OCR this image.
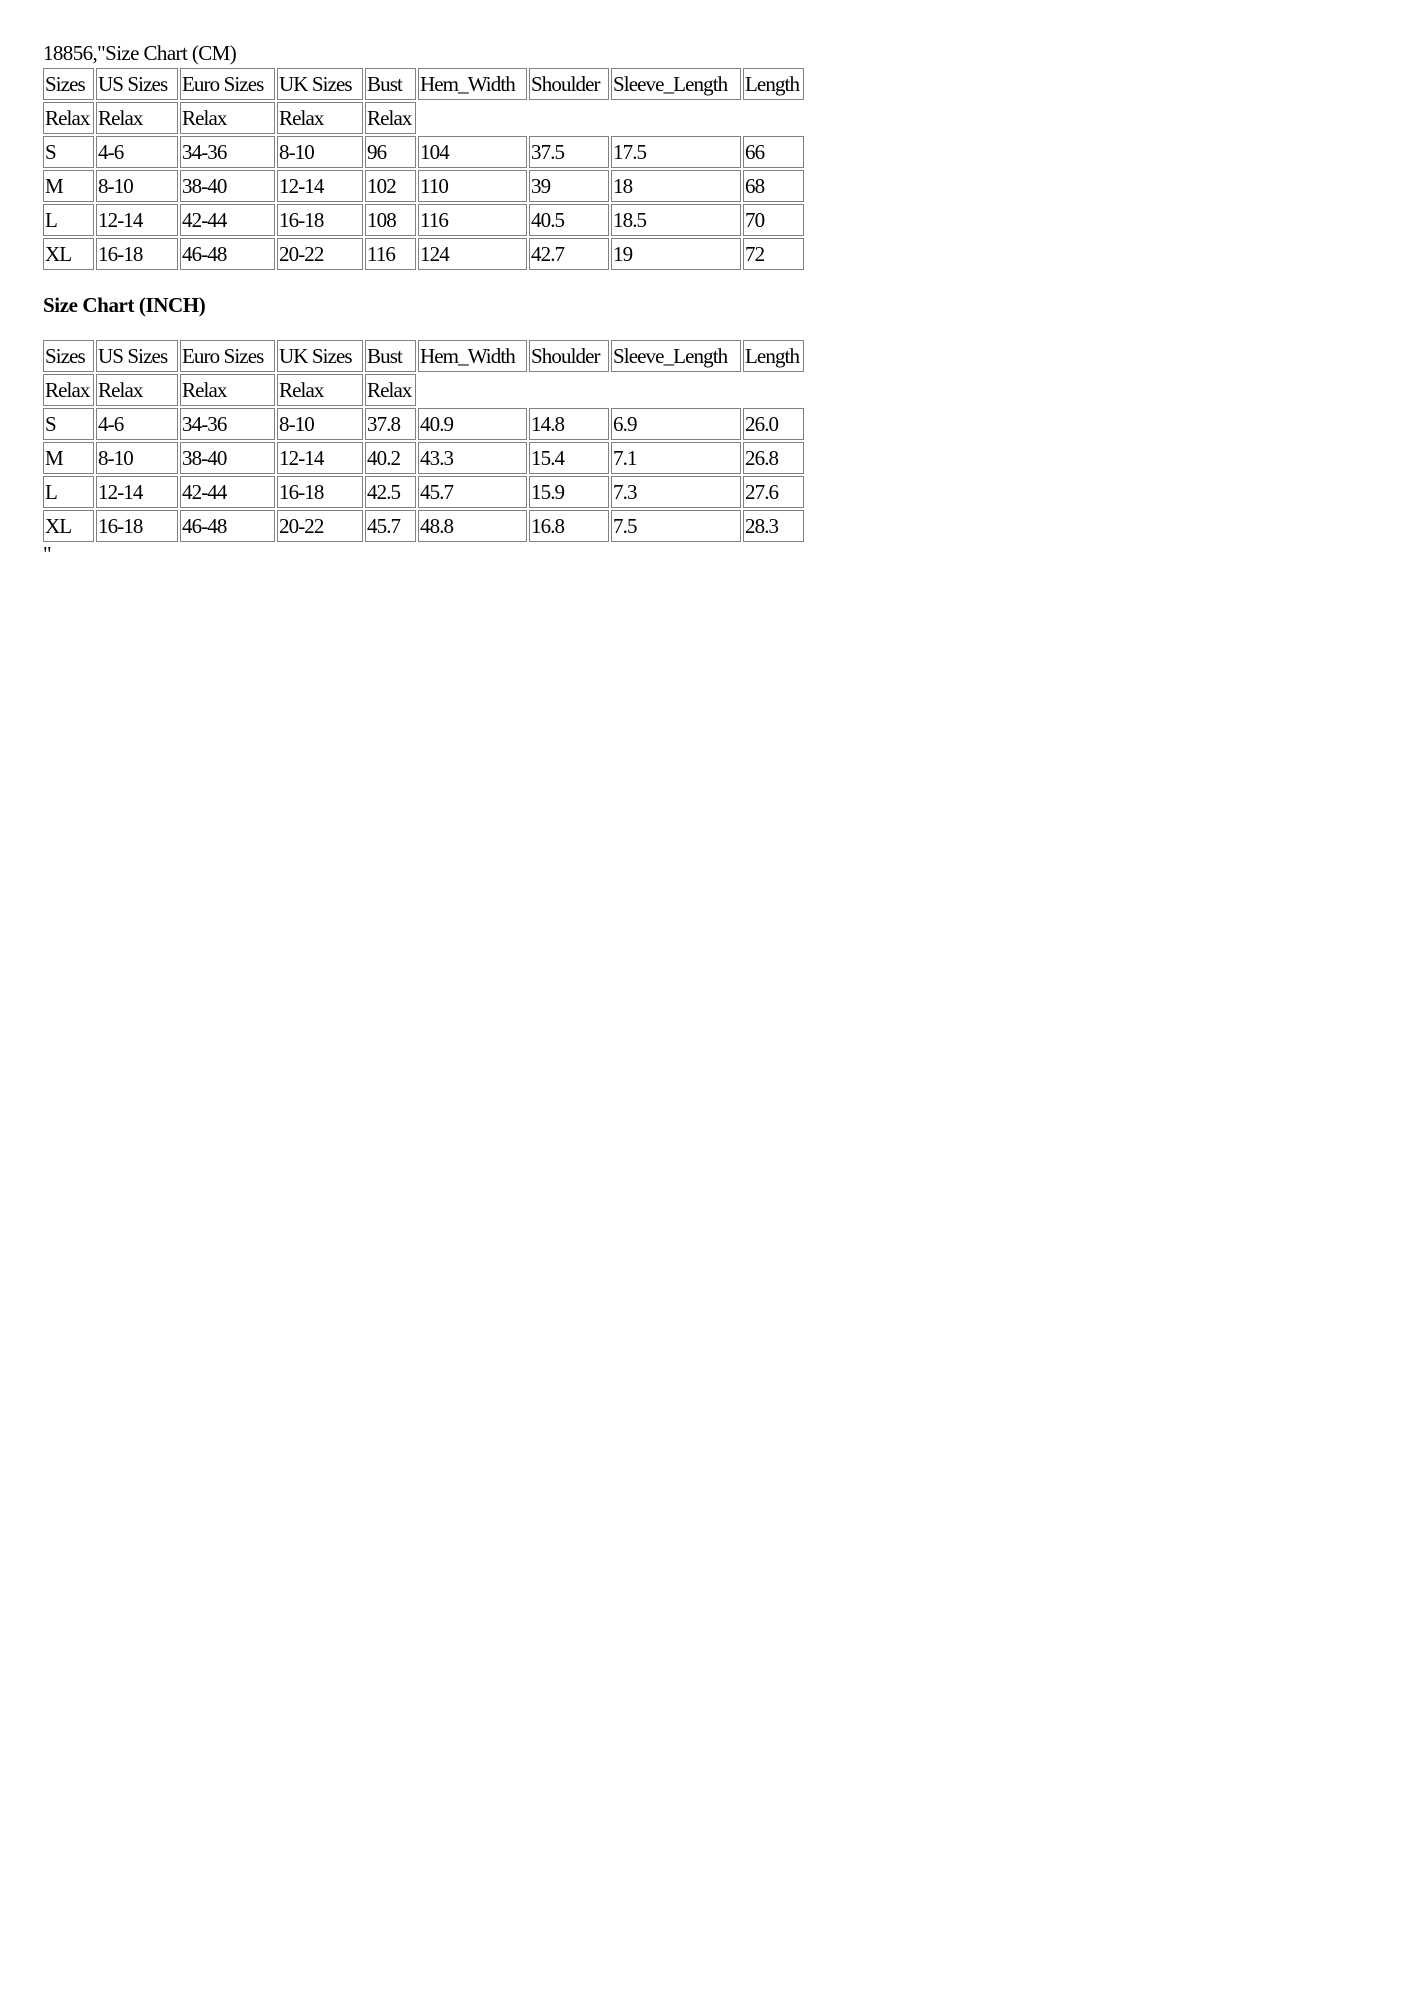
18856,"Size Chart (CM)
Sizes	US Sizes	Euro Sizes	UK Sizes	Bust	Hem_Width	Shoulder	Sleeve_Length	Length
Relax	Relax	Relax	Relax	Relax				
S	4-6	34-36	8-10	96	104	37.5	17.5	66
M	8-10	38-40	12-14	102	110	39	18	68
L	12-14	42-44	16-18	108	116	40.5	18.5	70
XL	16-18	46-48	20-22	116	124	42.7	19	72
Size Chart (INCH)
Sizes	US Sizes	Euro Sizes	UK Sizes	Bust	Hem_Width	Shoulder	Sleeve_Length	Length
Relax	Relax	Relax	Relax	Relax				
S	4-6	34-36	8-10	37.8	40.9	14.8	6.9	26.0
M	8-10	38-40	12-14	40.2	43.3	15.4	7.1	26.8
L	12-14	42-44	16-18	42.5	45.7	15.9	7.3	27.6
XL	16-18	46-48	20-22	45.7	48.8	16.8	7.5	28.3
"
